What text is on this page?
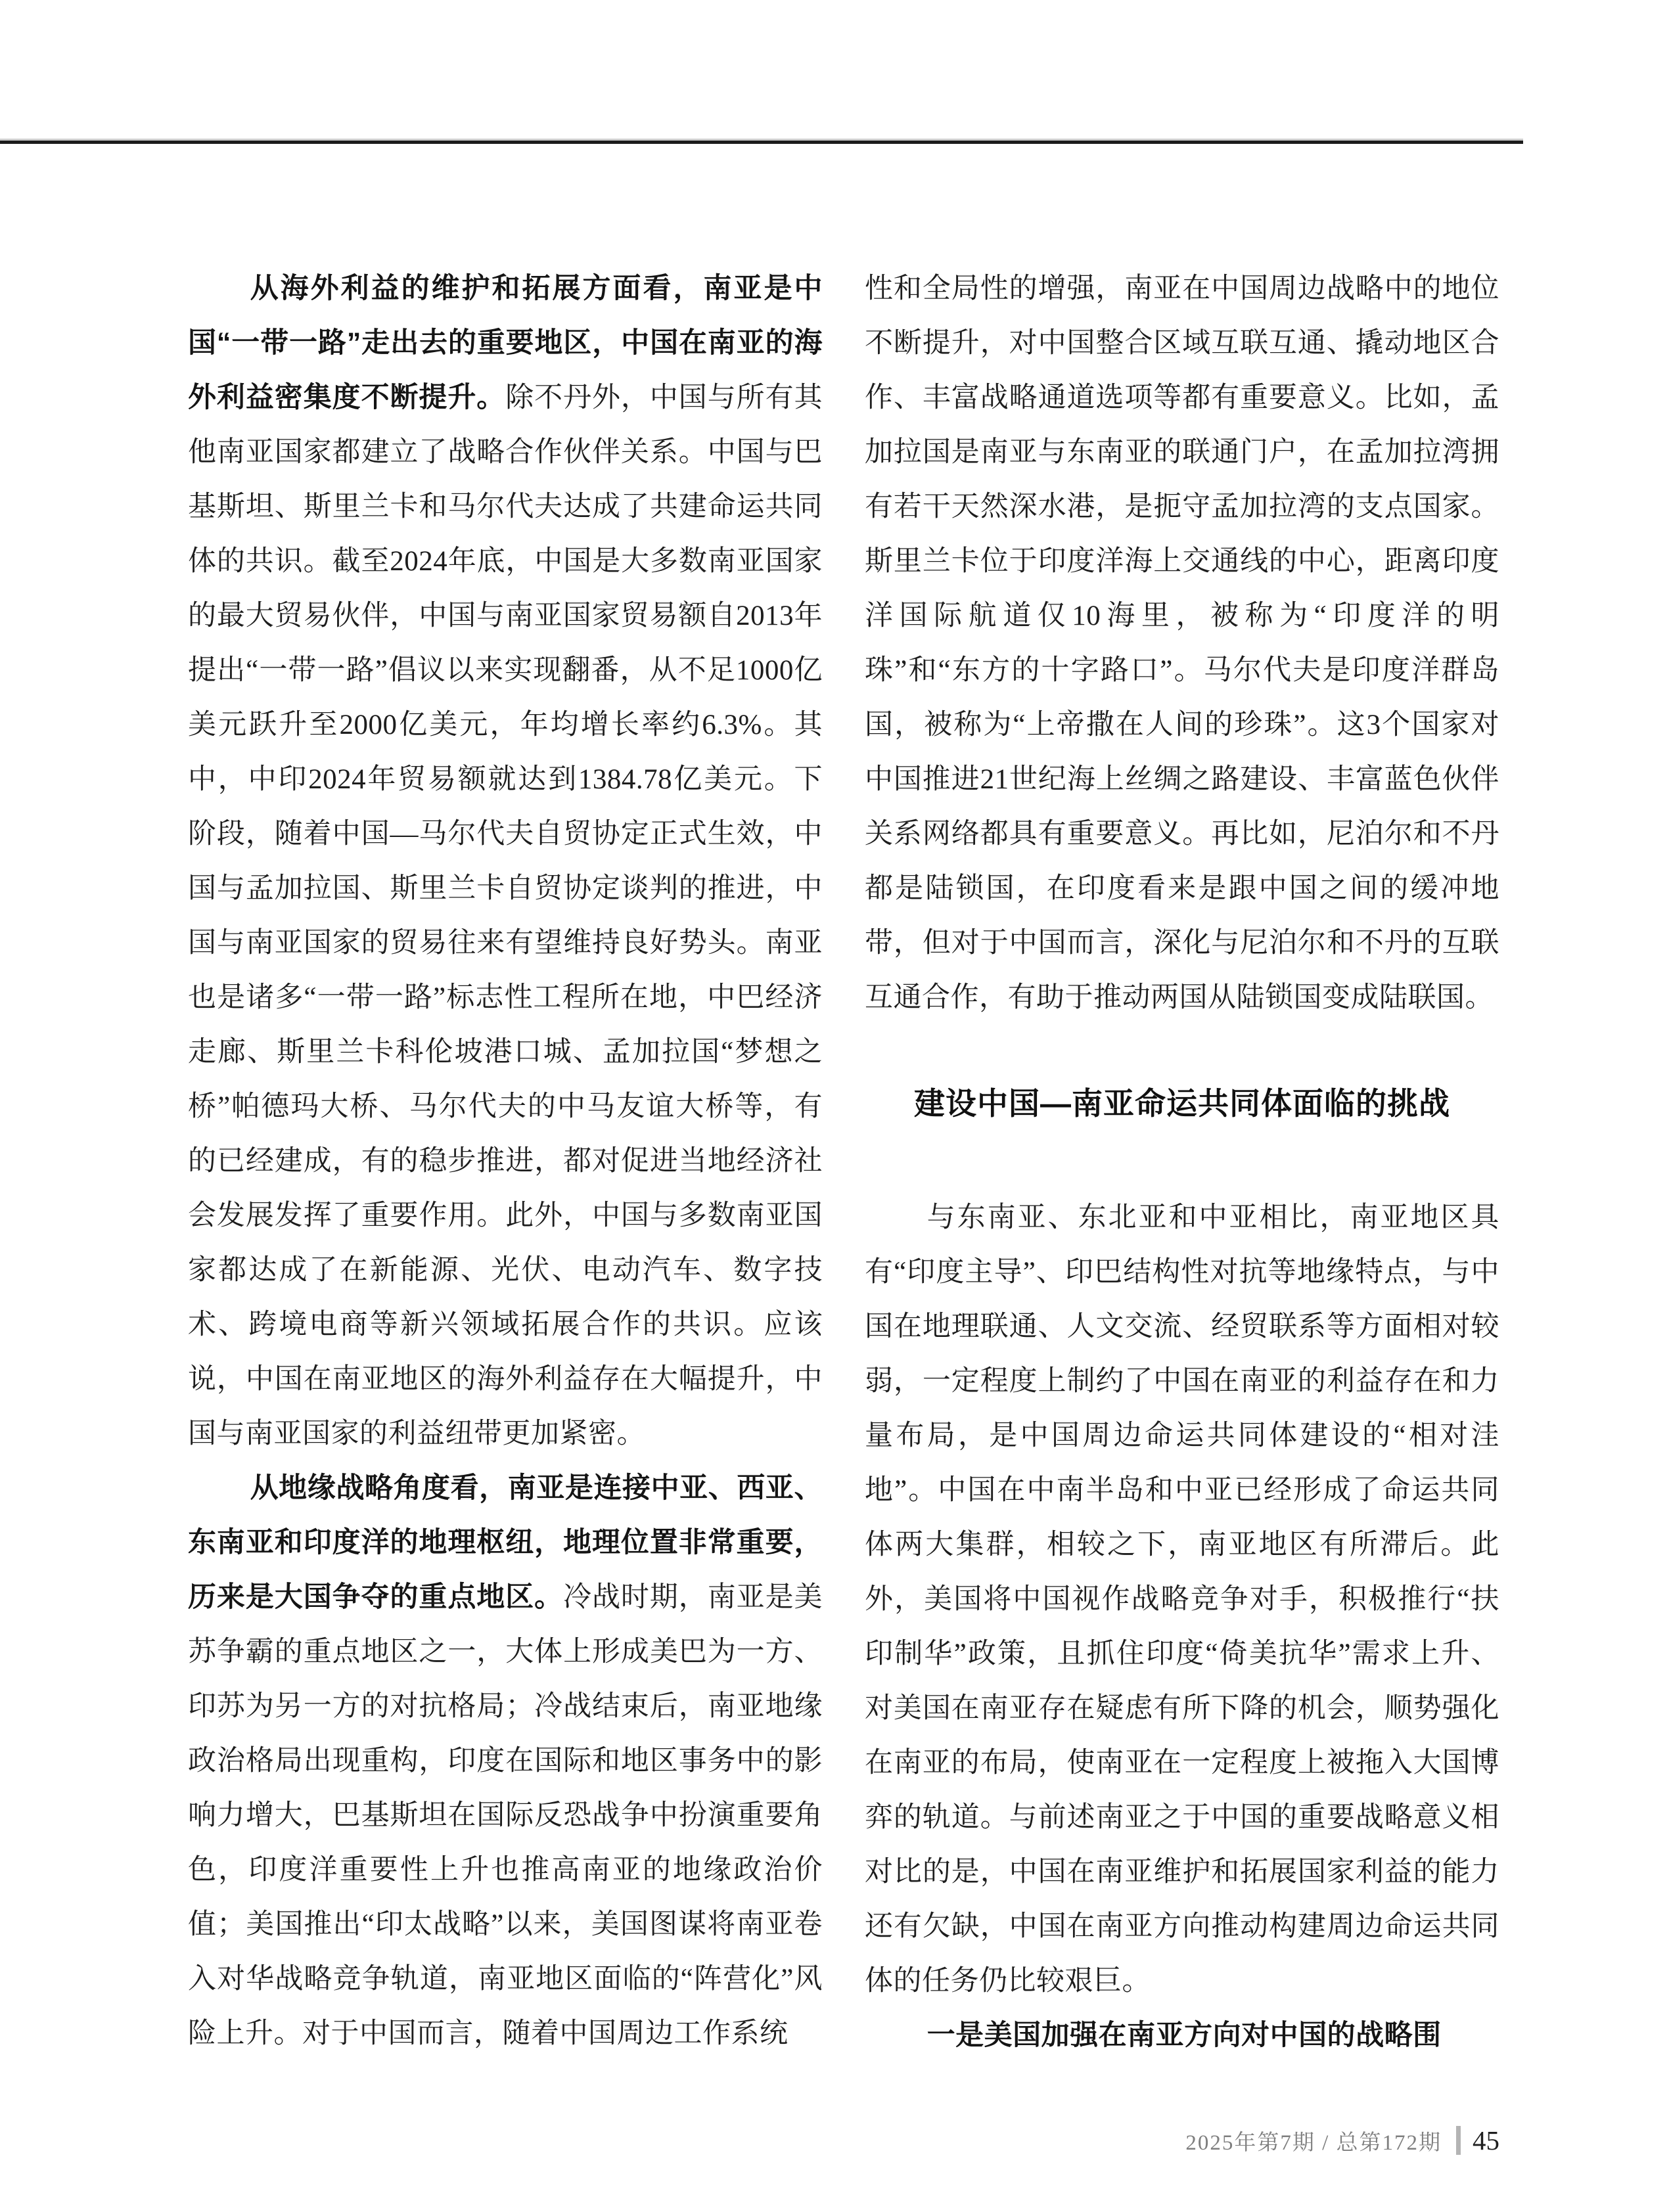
从海外利益的维护和拓展方面看，南亚是中国“一带一路”走出去的重要地区，中国在南亚的海外利益密集度不断提升。除不丹外，中国与所有其他南亚国家都建立了战略合作伙伴关系。中国与巴基斯坦、斯里兰卡和马尔代夫达成了共建命运共同体的共识。截至2024年底，中国是大多数南亚国家的最大贸易伙伴，中国与南亚国家贸易额自2013年提出“一带一路”倡议以来实现翻番，从不足1000亿美元跃升至2000亿美元，年均增长率约6.3%。其中，中印2024年贸易额就达到1384.78亿美元。下阶段，随着中国—马尔代夫自贸协定正式生效，中国与孟加拉国、斯里兰卡自贸协定谈判的推进，中国与南亚国家的贸易往来有望维持良好势头。南亚也是诸多“一带一路”标志性工程所在地，中巴经济走廊、斯里兰卡科伦坡港口城、孟加拉国“梦想之桥”帕德玛大桥、马尔代夫的中马友谊大桥等，有的已经建成，有的稳步推进，都对促进当地经济社会发展发挥了重要作用。此外，中国与多数南亚国家都达成了在新能源、光伏、电动汽车、数字技术、跨境电商等新兴领域拓展合作的共识。应该说，中国在南亚地区的海外利益存在大幅提升，中国与南亚国家的利益纽带更加紧密。

从地缘战略角度看，南亚是连接中亚、西亚、东南亚和印度洋的地理枢纽，地理位置非常重要，历来是大国争夺的重点地区。冷战时期，南亚是美苏争霸的重点地区之一，大体上形成美巴为一方、印苏为另一方的对抗格局；冷战结束后，南亚地缘政治格局出现重构，印度在国际和地区事务中的影响力增大，巴基斯坦在国际反恐战争中扮演重要角色，印度洋重要性上升也推高南亚的地缘政治价值；美国推出“印太战略”以来，美国图谋将南亚卷入对华战略竞争轨道，南亚地区面临的“阵营化”风险上升。对于中国而言，随着中国周边工作系统

性和全局性的增强，南亚在中国周边战略中的地位不断提升，对中国整合区域互联互通、撬动地区合作、丰富战略通道选项等都有重要意义。比如，孟加拉国是南亚与东南亚的联通门户，在孟加拉湾拥有若干天然深水港，是扼守孟加拉湾的支点国家。斯里兰卡位于印度洋海上交通线的中心，距离印度洋国际航道仅10海里，被称为“印度洋的明珠”和“东方的十字路口”。马尔代夫是印度洋群岛国，被称为“上帝撒在人间的珍珠”。这3个国家对中国推进21世纪海上丝绸之路建设、丰富蓝色伙伴关系网络都具有重要意义。再比如，尼泊尔和不丹都是陆锁国，在印度看来是跟中国之间的缓冲地带，但对于中国而言，深化与尼泊尔和不丹的互联互通合作，有助于推动两国从陆锁国变成陆联国。

建设中国—南亚命运共同体面临的挑战

与东南亚、东北亚和中亚相比，南亚地区具有“印度主导”、印巴结构性对抗等地缘特点，与中国在地理联通、人文交流、经贸联系等方面相对较弱，一定程度上制约了中国在南亚的利益存在和力量布局，是中国周边命运共同体建设的“相对洼地”。中国在中南半岛和中亚已经形成了命运共同体两大集群，相较之下，南亚地区有所滞后。此外，美国将中国视作战略竞争对手，积极推行“扶印制华”政策，且抓住印度“倚美抗华”需求上升、对美国在南亚存在疑虑有所下降的机会，顺势强化在南亚的布局，使南亚在一定程度上被拖入大国博弈的轨道。与前述南亚之于中国的重要战略意义相对比的是，中国在南亚维护和拓展国家利益的能力还有欠缺，中国在南亚方向推动构建周边命运共同体的任务仍比较艰巨。

一是美国加强在南亚方向对中国的战略围

2025年第7期 / 总第172期 45
